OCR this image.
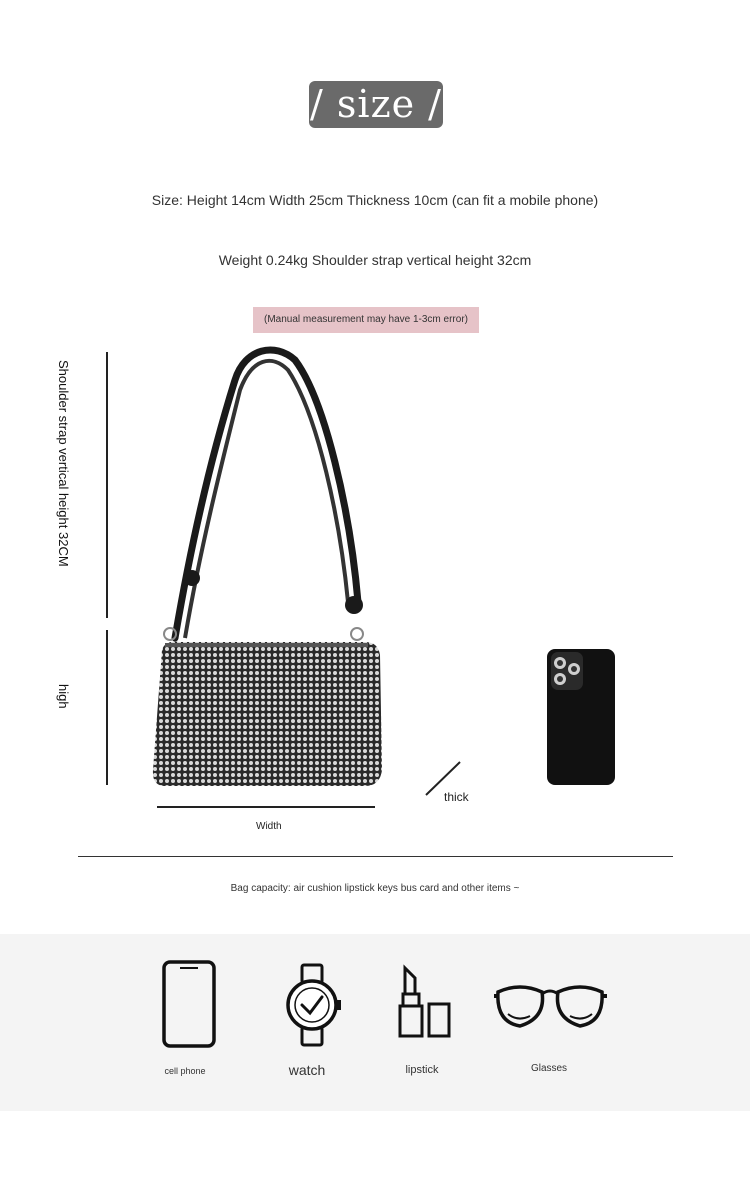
/ size /
Size: Height 14cm Width 25cm Thickness 10cm (can fit a mobile phone)
Weight 0.24kg Shoulder strap vertical height 32cm
(Manual measurement may have 1-3cm error)
Shoulder strap vertical height 32CM
high
Width
thick
Bag capacity: air cushion lipstick keys bus card and other items ~
cell phone	watch	lipstick	Glasses
